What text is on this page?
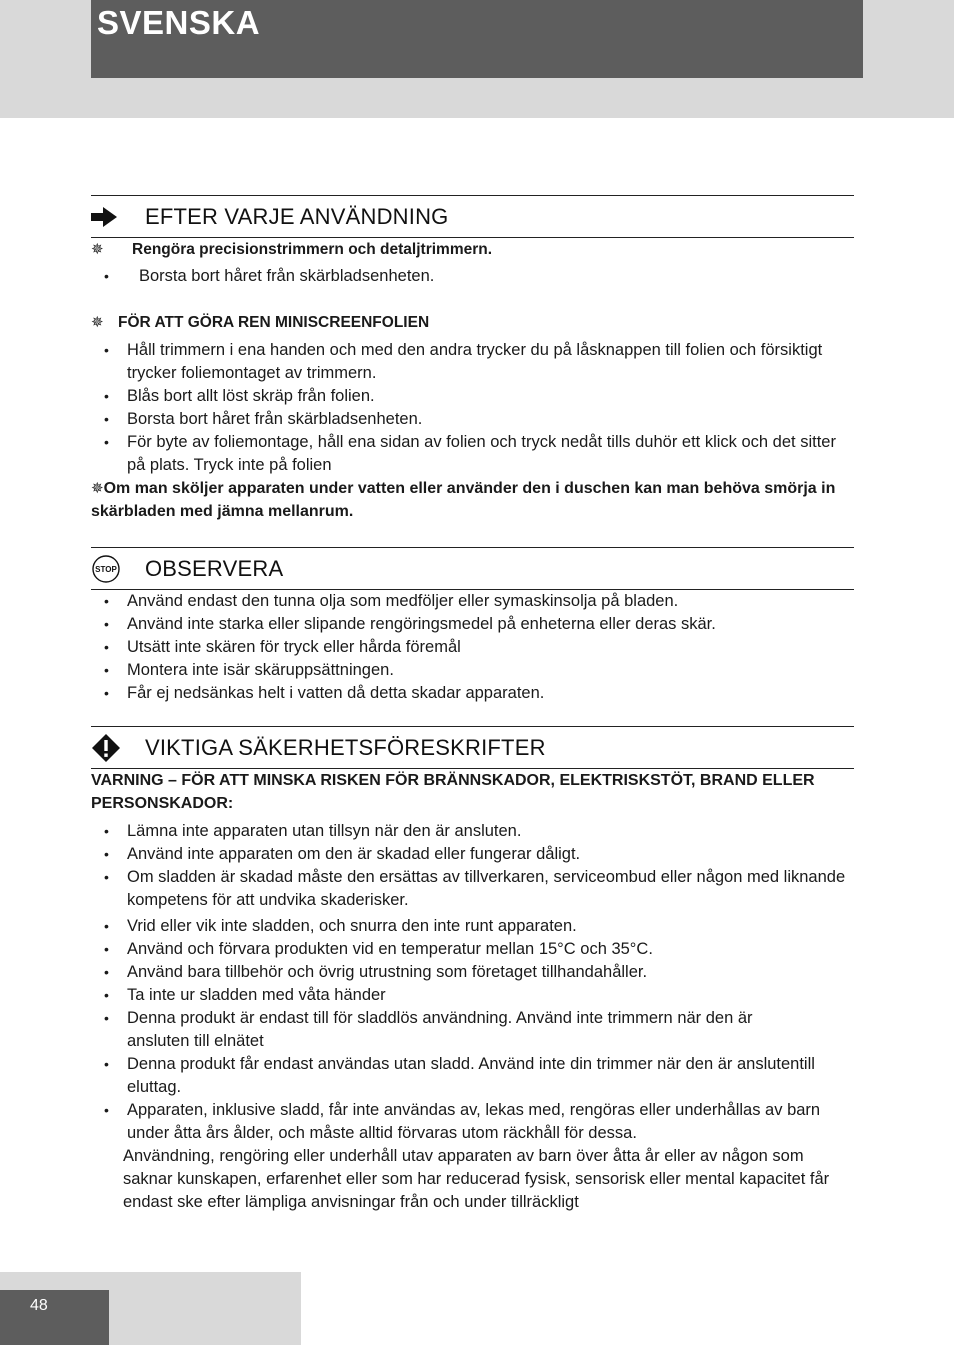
SVENSKA
EFTER VARJE ANVÄNDNING
✵	Rengöra precisionstrimmern och detaljtrimmern.
• Borsta bort håret från skärbladsenheten.
✵ FÖR ATT GÖRA REN MINISCREENFOLIEN
• Håll trimmern i ena handen och med den andra trycker du på låsknappen till folien och försiktigt trycker foliemontaget av trimmern.
• Blås bort allt löst skräp från folien.
• Borsta bort håret från skärbladsenheten.
• För byte av foliemontage, håll ena sidan av folien och tryck nedåt tills duhör ett klick och det sitter på plats. Tryck inte på folien
✵Om man sköljer apparaten under vatten eller använder den i duschen kan man behöva smörja in skärbladen med jämna mellanrum.
STOP OBSERVERA
• Använd endast den tunna olja som medföljer eller symaskinsolja på bladen.
• Använd inte starka eller slipande rengöringsmedel på enheterna eller deras skär.
• Utsätt inte skären för tryck eller hårda föremål
• Montera inte isär skäruppsättningen.
• Får ej nedsänkas helt i vatten då detta skadar apparaten.
VIKTIGA SÄKERHETSFÖRESKRIFTER
VARNING – FÖR ATT MINSKA RISKEN FÖR BRÄNNSKADOR, ELEKTRISKSTÖT, BRAND ELLER PERSONSKADOR:
• Lämna inte apparaten utan tillsyn när den är ansluten.
• Använd inte apparaten om den är skadad eller fungerar dåligt.
• Om sladden är skadad måste den ersättas av tillverkaren, serviceombud eller någon med liknande kompetens för att undvika skaderisker.
• Vrid eller vik inte sladden, och snurra den inte runt apparaten.
• Använd och förvara produkten vid en temperatur mellan 15°C och 35°C.
• Använd bara tillbehör och övrig utrustning som företaget tillhandahåller.
• Ta inte ur sladden med våta händer
• Denna produkt är endast till för sladdlös användning. Använd inte trimmern när den är ansluten till elnätet
• Denna produkt får endast användas utan sladd. Använd inte din trimmer när den är anslutentill eluttag.
• Apparaten, inklusive sladd, får inte användas av, lekas med, rengöras eller underhållas av barn under åtta års ålder, och måste alltid förvaras utom räckhåll för dessa.
Användning, rengöring eller underhåll utav apparaten av barn över åtta år eller av någon som saknar kunskapen, erfarenhet eller som har reducerad fysisk, sensorisk eller mental kapacitet får endast ske efter lämpliga anvisningar från och under tillräckligt
48
